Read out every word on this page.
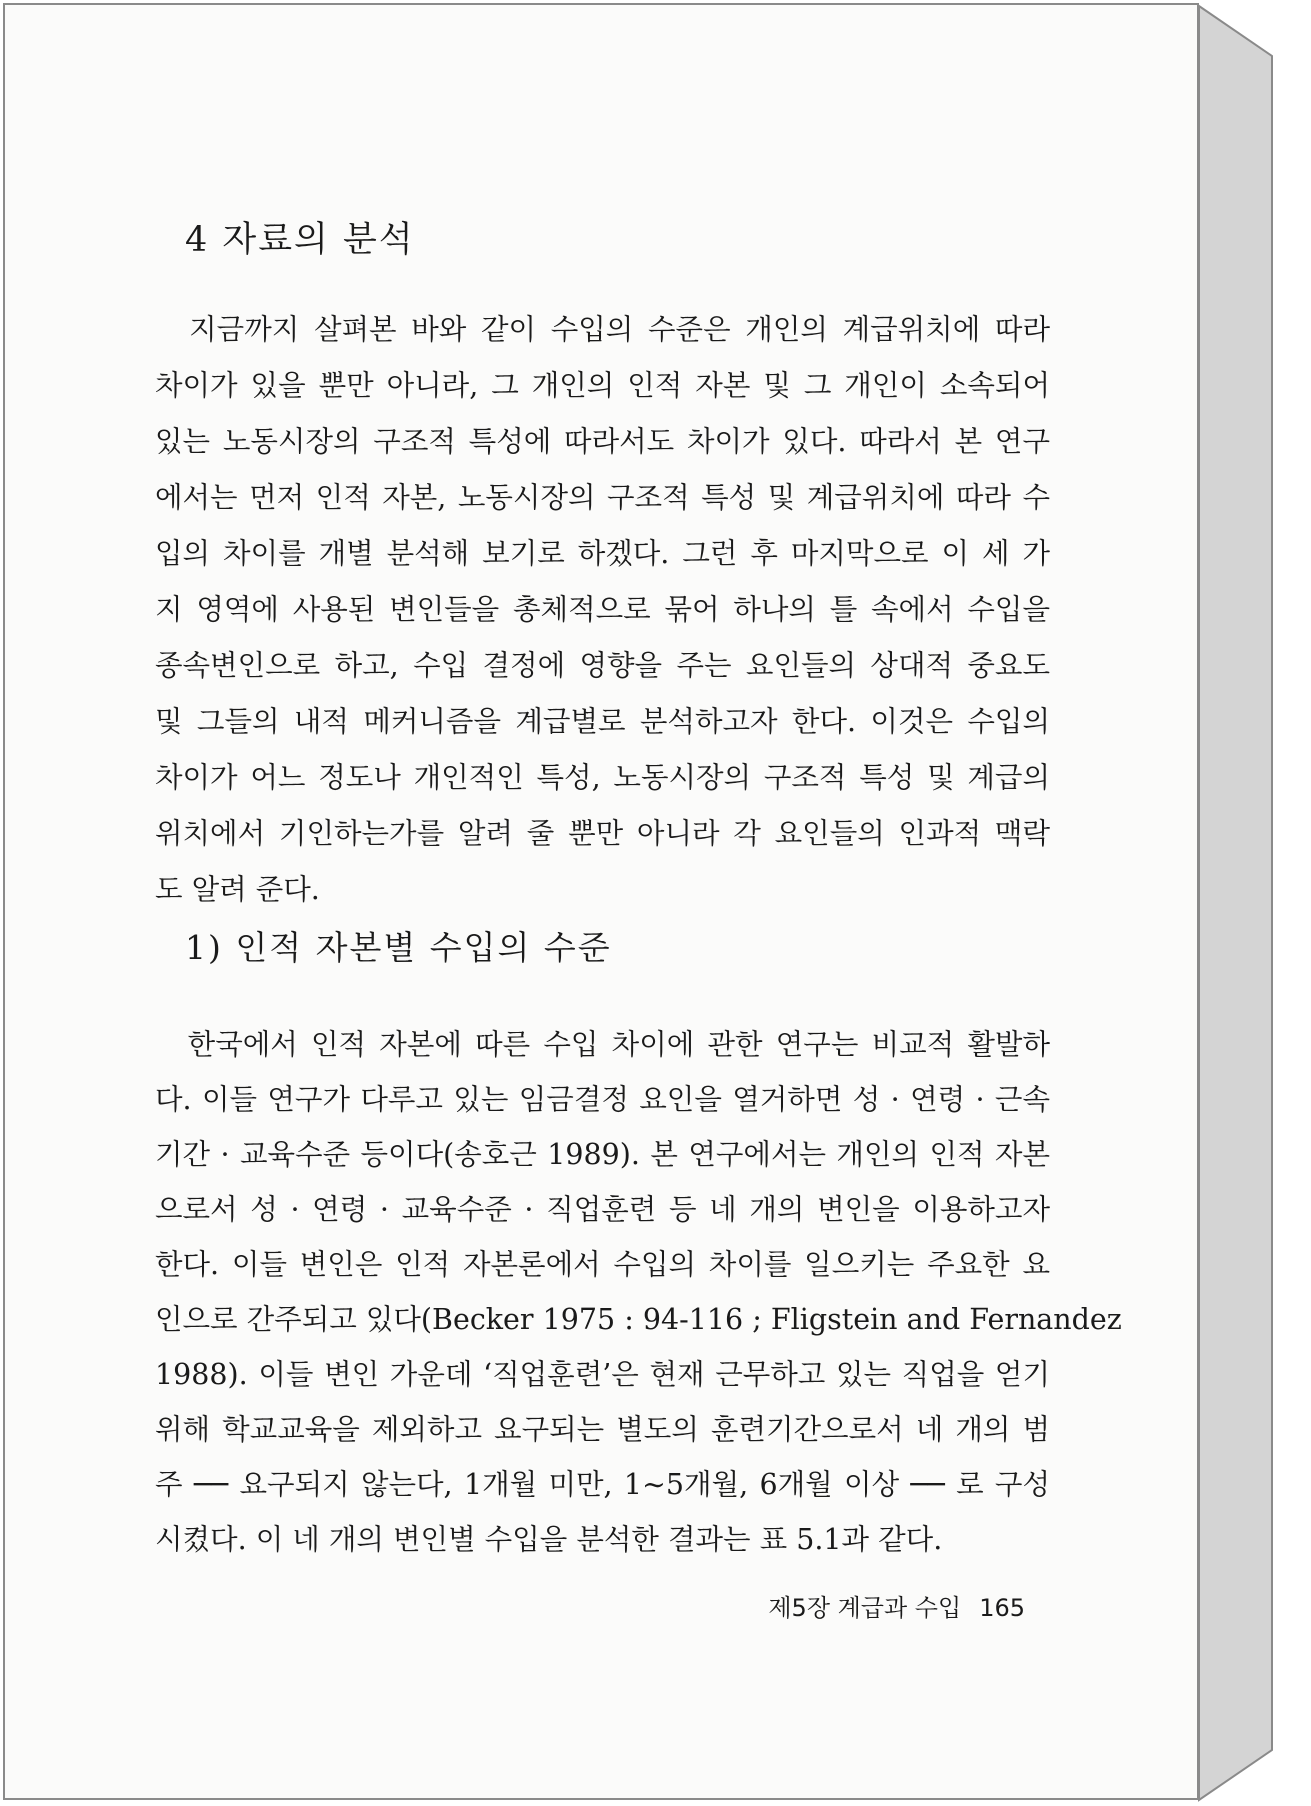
4 자료의 분석
　지금까지 살펴본 바와 같이 수입의 수준은 개인의 계급위치에 따라
차이가 있을 뿐만 아니라, 그 개인의 인적 자본 및 그 개인이 소속되어
있는 노동시장의 구조적 특성에 따라서도 차이가 있다. 따라서 본 연구
에서는 먼저 인적 자본, 노동시장의 구조적 특성 및 계급위치에 따라 수
입의 차이를 개별 분석해 보기로 하겠다. 그런 후 마지막으로 이 세 가
지 영역에 사용된 변인들을 총체적으로 묶어 하나의 틀 속에서 수입을
종속변인으로 하고, 수입 결정에 영향을 주는 요인들의 상대적 중요도
및 그들의 내적 메커니즘을 계급별로 분석하고자 한다. 이것은 수입의
차이가 어느 정도나 개인적인 특성, 노동시장의 구조적 특성 및 계급의
위치에서 기인하는가를 알려 줄 뿐만 아니라 각 요인들의 인과적 맥락
도 알려 준다.
1) 인적 자본별 수입의 수준
　한국에서 인적 자본에 따른 수입 차이에 관한 연구는 비교적 활발하
다. 이들 연구가 다루고 있는 임금결정 요인을 열거하면 성 · 연령 · 근속
기간 · 교육수준 등이다(송호근 1989). 본 연구에서는 개인의 인적 자본
으로서 성 · 연령 · 교육수준 · 직업훈련 등 네 개의 변인을 이용하고자
한다. 이들 변인은 인적 자본론에서 수입의 차이를 일으키는 주요한 요
인으로 간주되고 있다(Becker 1975 : 94-116 ; Fligstein and Fernandez
1988). 이들 변인 가운데 ‘직업훈련’은 현재 근무하고 있는 직업을 얻기
위해 학교교육을 제외하고 요구되는 별도의 훈련기간으로서 네 개의 범
주 ── 요구되지 않는다, 1개월 미만, 1∼5개월, 6개월 이상 ── 로 구성
시켰다. 이 네 개의 변인별 수입을 분석한 결과는 표 5.1과 같다.
제5장 계급과 수입 165
